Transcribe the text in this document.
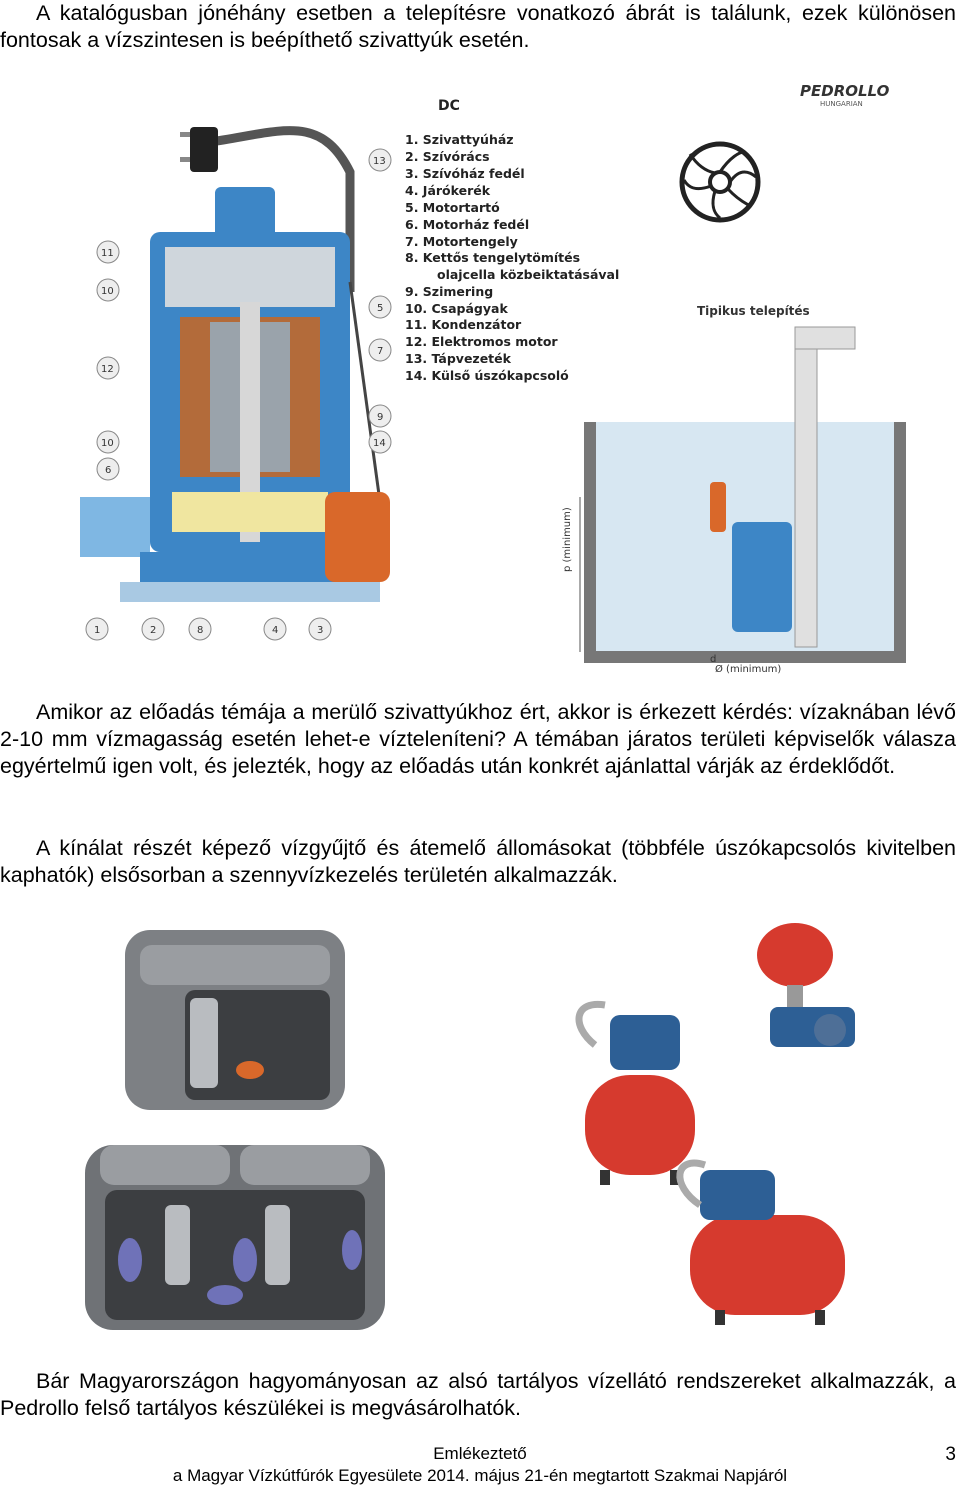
A katalógusban jónéhány esetben a telepítésre vonatkozó ábrát is találunk, ezek különösen fontosak a vízszintesen is beépíthető szivattyúk esetén.
13
11
10
12
10
6
5
7
9
14
1	2	8	4	3
DC
1. Szivattyúház
2. Szívórács
3. Szívóház fedél
4. Járókerék
5. Motortartó
6. Motorház fedél
7. Motortengely
8. Kettős tengelytömítés
olajcella közbeiktatásával
9. Szimering
10. Csapágyak
11. Kondenzátor
12. Elektromos motor
13. Tápvezeték
14. Külső úszókapcsoló
PEDROLLO
HUNGARIAN
Tipikus telepítés
p (minimum)
d
Ø (minimum)
Amikor az előadás témája a merülő szivattyúkhoz ért, akkor is érkezett kérdés: vízaknában lévő 2-10 mm vízmagasság esetén lehet-e vízteleníteni? A témában járatos területi képviselők válasza egyértelmű igen volt, és jelezték, hogy az előadás után konkrét ajánlattal várják az érdeklődőt.
A kínálat részét képező vízgyűjtő és átemelő állomásokat (többféle úszókapcsolós kivitelben kaphatók) elsősorban a szennyvízkezelés területén alkalmazzák.
Bár Magyarországon hagyományosan az alsó tartályos vízellátó rendszereket alkalmazzák, a Pedrollo felső tartályos készülékei is megvásárolhatók.
Emlékeztető
a Magyar Vízkútfúrók Egyesülete 2014. május 21-én megtartott Szakmai Napjáról
3
